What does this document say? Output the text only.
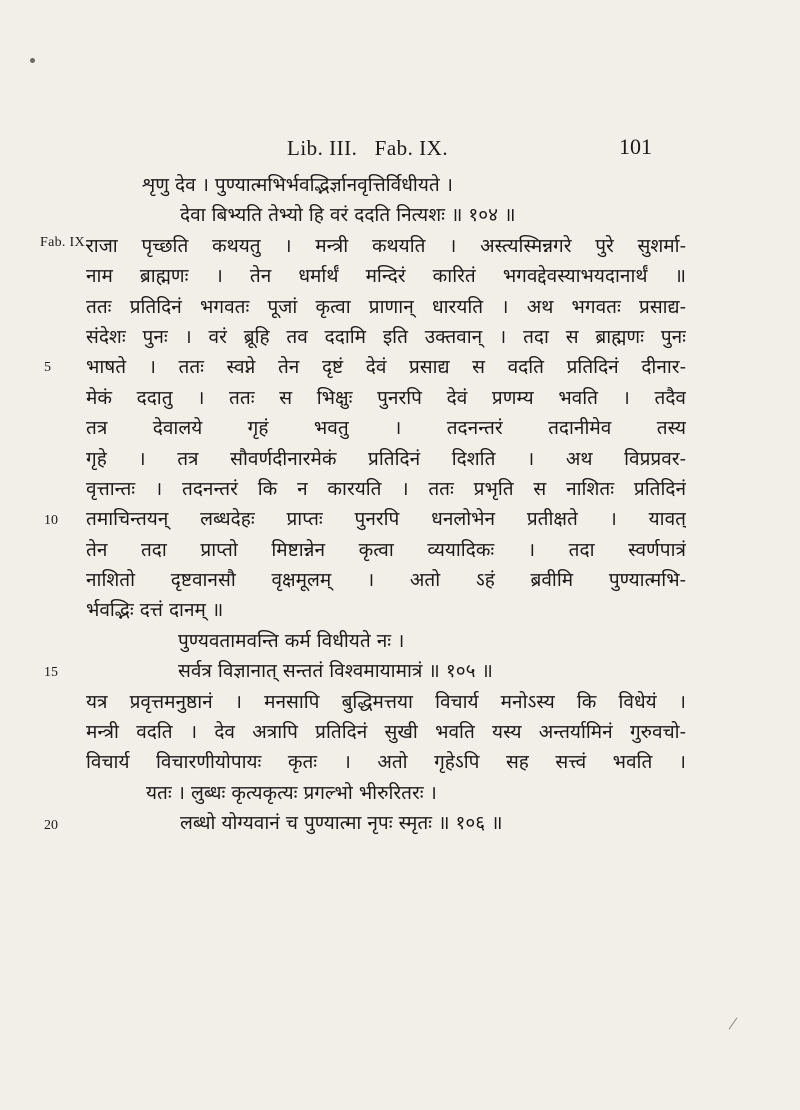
Lib. III. Fab. IX.	101
Fab. IX.
5
10
15
20
शृणु देव । पुण्यात्मभिर्भवद्भिर्ज्ञानवृत्तिर्विधीयते ।
देवा बिभ्यति तेभ्यो हि वरं ददति नित्यशः ॥ १०४ ॥
राजा पृच्छति कथयतु । मन्त्री कथयति । अस्त्यस्मिन्नगरे पुरे सुशर्मा-
नाम ब्राह्मणः । तेन धर्मार्थं मन्दिरं कारितं भगवद्देवस्याभयदानार्थं ॥
ततः प्रतिदिनं भगवतः पूजां कृत्वा प्राणान् धारयति । अथ भगवतः प्रसाद्य-
संदेशः पुनः । वरं ब्रूहि तव ददामि इति उक्तवान् । तदा स ब्राह्मणः पुनः
भाषते । ततः स्वप्ने तेन दृष्टं देवं प्रसाद्य स वदति प्रतिदिनं दीनार-
मेकं ददातु । ततः स भिक्षुः पुनरपि देवं प्रणम्य भवति । तदैव
तत्र देवालये गृहं भवतु । तदनन्तरं तदानीमेव तस्य
गृहे । तत्र सौवर्णदीनारमेकं प्रतिदिनं दिशति । अथ विप्रप्रवर-
वृत्तान्तः । तदनन्तरं कि न कारयति । ततः प्रभृति स नाशितः प्रतिदिनं
तमाचिन्तयन् लब्धदेहः प्राप्तः पुनरपि धनलोभेन प्रतीक्षते । यावत्
तेन तदा प्राप्तो मिष्टान्नेन कृत्वा व्ययादिकः । तदा स्वर्णपात्रं
नाशितो दृष्टवानसौ वृक्षमूलम् । अतो ऽहं ब्रवीमि पुण्यात्मभि-
र्भवद्भिः दत्तं दानम् ॥
पुण्यवतामवन्ति कर्म विधीयते नः ।
सर्वत्र विज्ञानात् सन्ततं विश्वमायामात्रं ॥ १०५ ॥
यत्र प्रवृत्तमनुष्ठानं । मनसापि बुद्धिमत्तया विचार्य मनोऽस्य कि विधेयं ।
मन्त्री वदति । देव अत्रापि प्रतिदिनं सुखी भवति यस्य अन्तर्यामिनं गुरुवचो-
विचार्य विचारणीयोपायः कृतः । अतो गृहेऽपि सह सत्त्वं भवति ।
यतः । लुब्धः कृत्यकृत्यः प्रगल्भो भीरुरितरः ।
लब्धो योग्यवानं च पुण्यात्मा नृपः स्मृतः ॥ १०६ ॥
